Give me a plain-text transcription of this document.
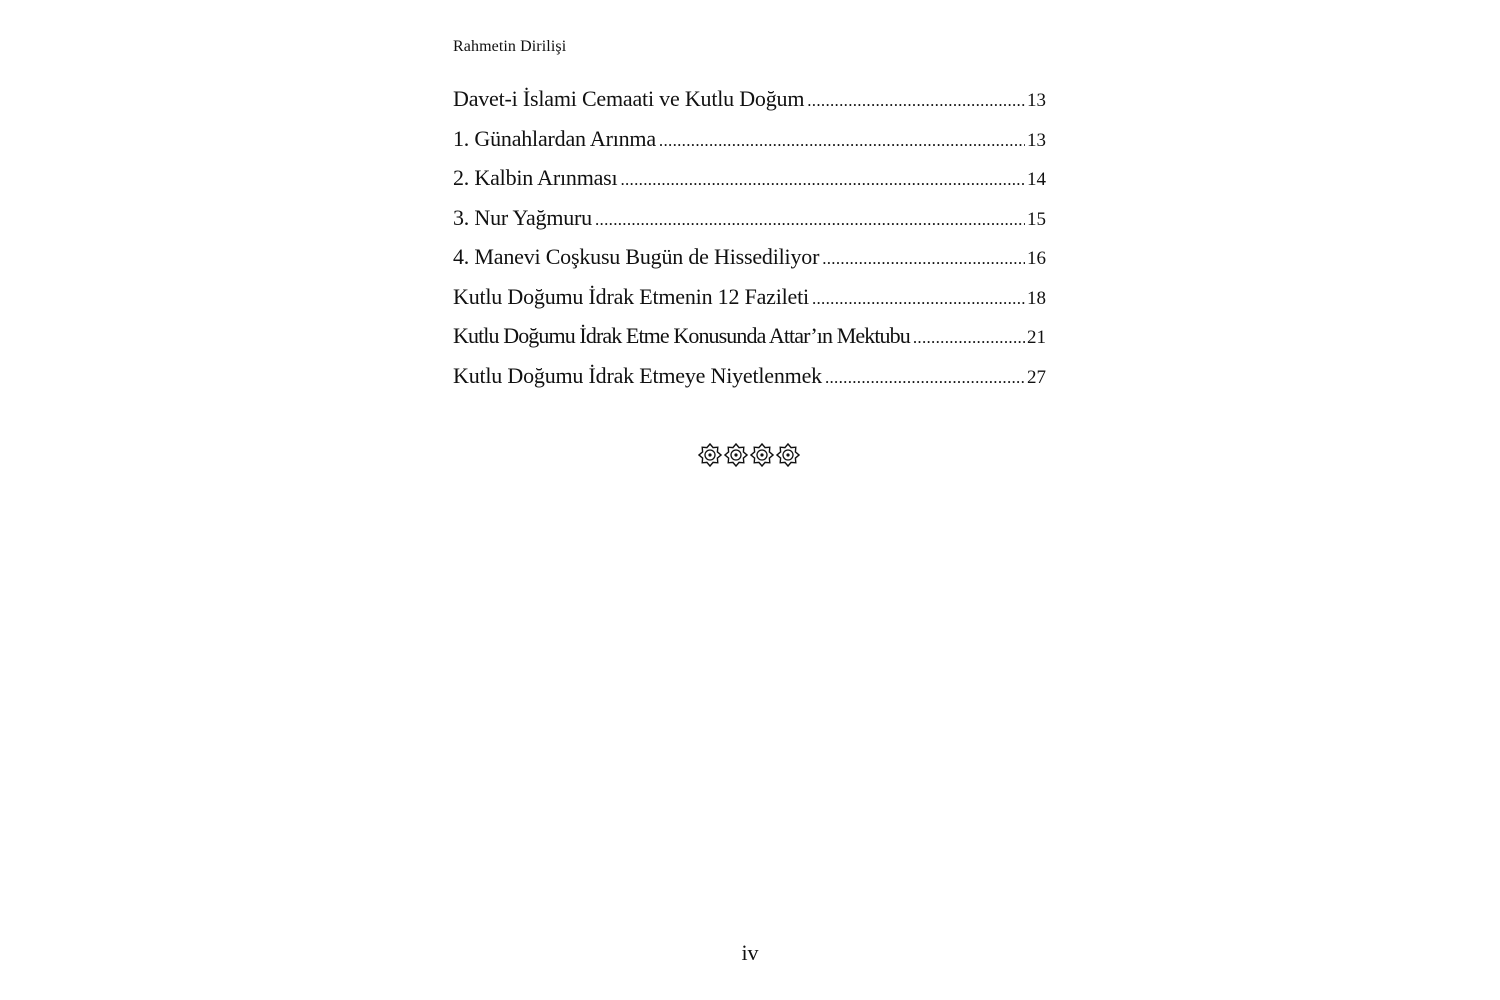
Rahmetin Dirilişi
Davet-i İslami Cemaati ve Kutlu Doğum .....	13
1. Günahlardan Arınma .....	13
2. Kalbin Arınması .....	14
3. Nur Yağmuru .....	15
4. Manevi Coşkusu Bugün de Hissediliyor .....	16
Kutlu Doğumu İdrak Etmenin 12 Fazileti .....	18
Kutlu Doğumu İdrak Etme Konusunda Attar’ın Mektubu .....	21
Kutlu Doğumu İdrak Etmeye Niyetlenmek .....	27
iv
